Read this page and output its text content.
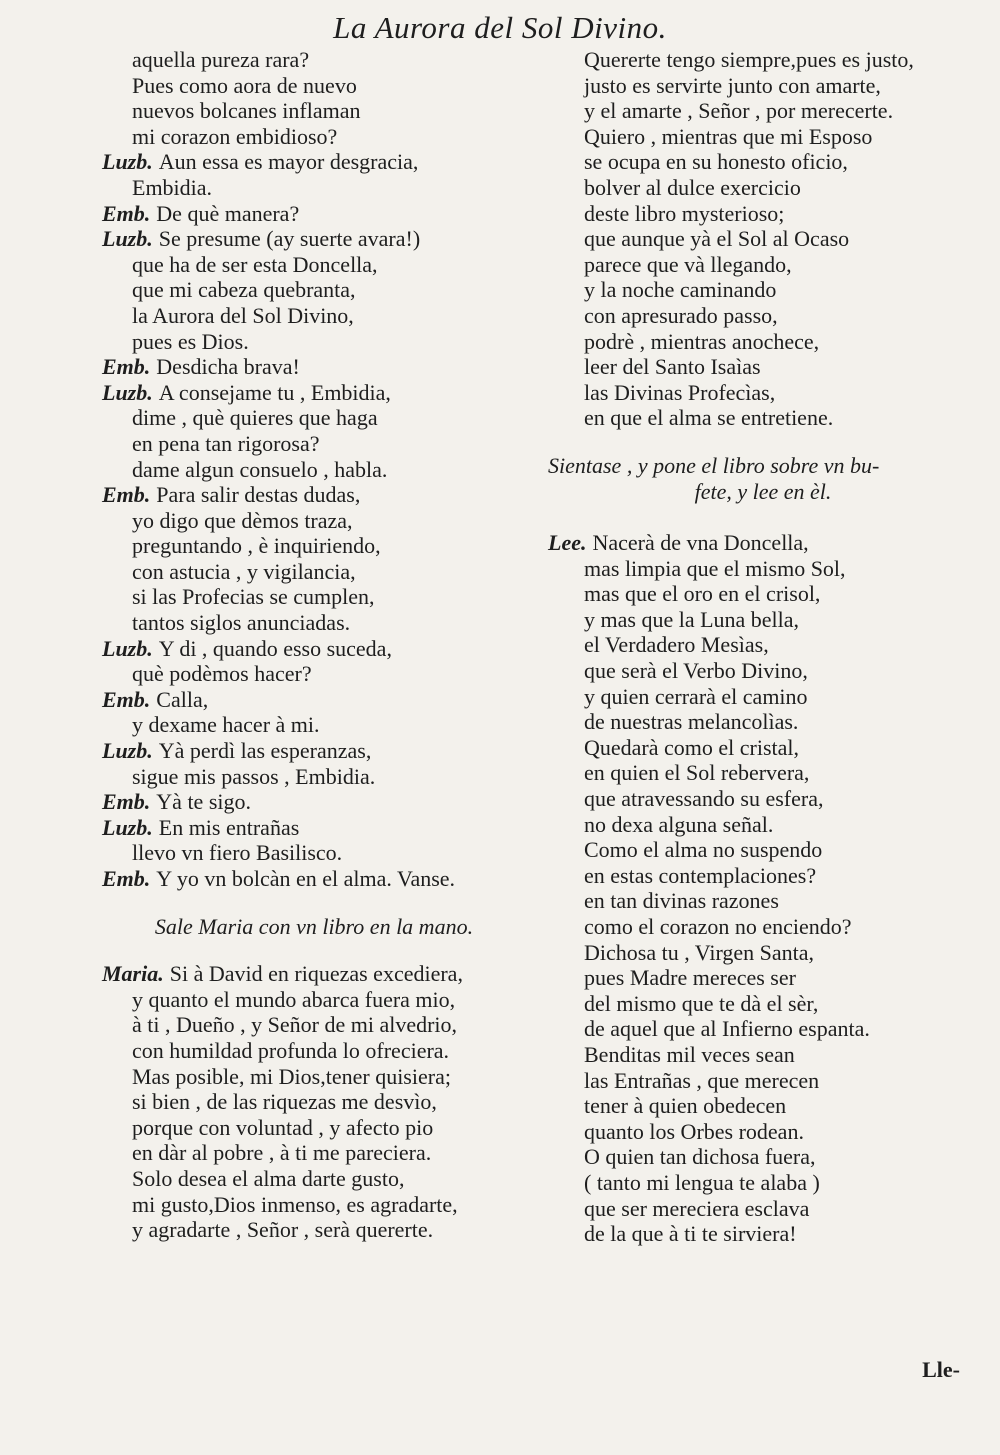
La Aurora del Sol Divino.
aquella pureza rara?
Pues como aora de nuevo
nuevos bolcanes inflaman
mi corazon embidioso?
Luzb. Aun essa es mayor desgracia,
Embidia.
Emb. De què manera?
Luzb. Se presume (ay suerte avara!)
que ha de ser esta Doncella,
que mi cabeza quebranta,
la Aurora del Sol Divino,
pues es Dios.
Emb. Desdicha brava!
Luzb. A consejame tu , Embidia,
dime , què quieres que haga
en pena tan rigorosa?
dame algun consuelo , habla.
Emb. Para salir destas dudas,
yo digo que dèmos traza,
preguntando , è inquiriendo,
con astucia , y vigilancia,
si las Profecias se cumplen,
tantos siglos anunciadas.
Luzb. Y di , quando esso suceda,
què podèmos hacer?
Emb. Calla,
y dexame hacer à mi.
Luzb. Yà perdì las esperanzas,
sigue mis passos , Embidia.
Emb. Yà te sigo.
Luzb. En mis entrañas
llevo vn fiero Basilisco.
Emb. Y yo vn bolcàn en el alma. Vanse.
Sale Maria con vn libro en la mano.
Maria. Si à David en riquezas excediera,
y quanto el mundo abarca fuera mio,
à ti , Dueño , y Señor de mi alvedrio,
con humildad profunda lo ofreciera.
Mas posible, mi Dios,tener quisiera;
si bien , de las riquezas me desvìo,
porque con voluntad , y afecto pio
en dàr al pobre , à ti me pareciera.
Solo desea el alma darte gusto,
mi gusto,Dios inmenso, es agradarte,
y agradarte , Señor , serà quererte.
Quererte tengo siempre,pues es justo,
justo es servirte junto con amarte,
y el amarte , Señor , por merecerte.
Quiero , mientras que mi Esposo
se ocupa en su honesto oficio,
bolver al dulce exercicio
deste libro mysterioso;
que aunque yà el Sol al Ocaso
parece que và llegando,
y la noche caminando
con apresurado passo,
podrè , mientras anochece,
leer del Santo Isaìas
las Divinas Profecìas,
en que el alma se entretiene.
Sientase , y pone el libro sobre vn bu-
fete, y lee en èl.
Lee. Nacerà de vna Doncella,
mas limpia que el mismo Sol,
mas que el oro en el crisol,
y mas que la Luna bella,
el Verdadero Mesìas,
que serà el Verbo Divino,
y quien cerrarà el camino
de nuestras melancolìas.
Quedarà como el cristal,
en quien el Sol rebervera,
que atravessando su esfera,
no dexa alguna señal.
Como el alma no suspendo
en estas contemplaciones?
en tan divinas razones
como el corazon no enciendo?
Dichosa tu , Virgen Santa,
pues Madre mereces ser
del mismo que te dà el sèr,
de aquel que al Infierno espanta.
Benditas mil veces sean
las Entrañas , que merecen
tener à quien obedecen
quanto los Orbes rodean.
O quien tan dichosa fuera,
( tanto mi lengua te alaba )
que ser mereciera esclava
de la que à ti te sirviera!
Lle-
